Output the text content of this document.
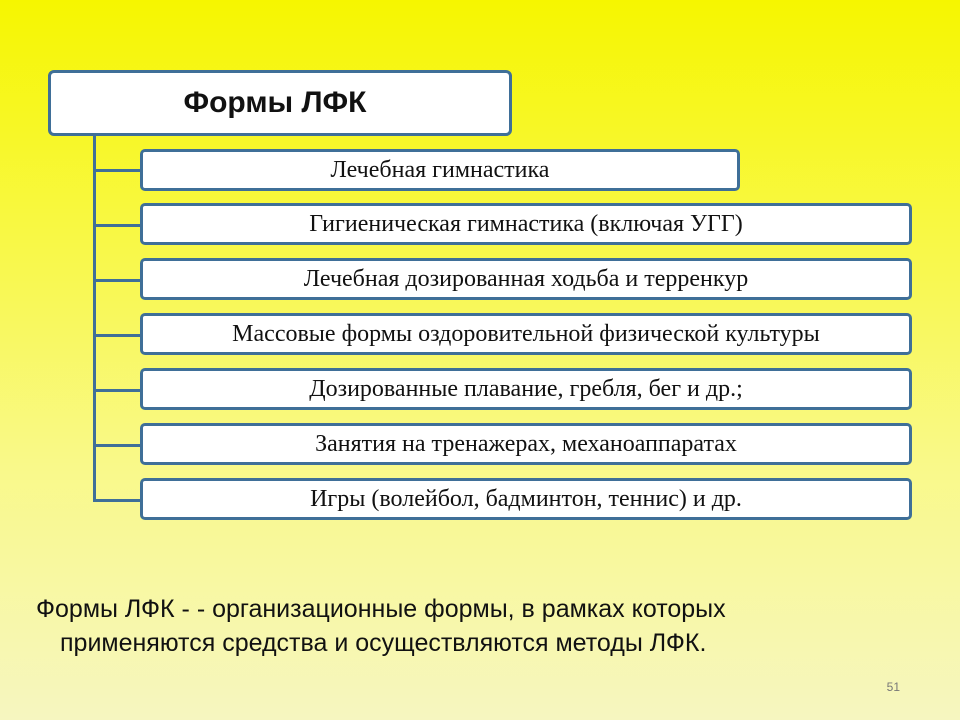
Формы ЛФК
Лечебная гимнастика
Гигиеническая гимнастика (включая УГГ)
Лечебная дозированная ходьба и терренкур
Массовые формы оздоровительной физической культуры
Дозированные плавание, гребля, бег и др.;
Занятия на тренажерах, механоаппаратах
Игры (волейбол, бадминтон, теннис) и др.
Формы ЛФК - - организационные формы, в рамках которых
применяются средства и осуществляются методы ЛФК.
51
